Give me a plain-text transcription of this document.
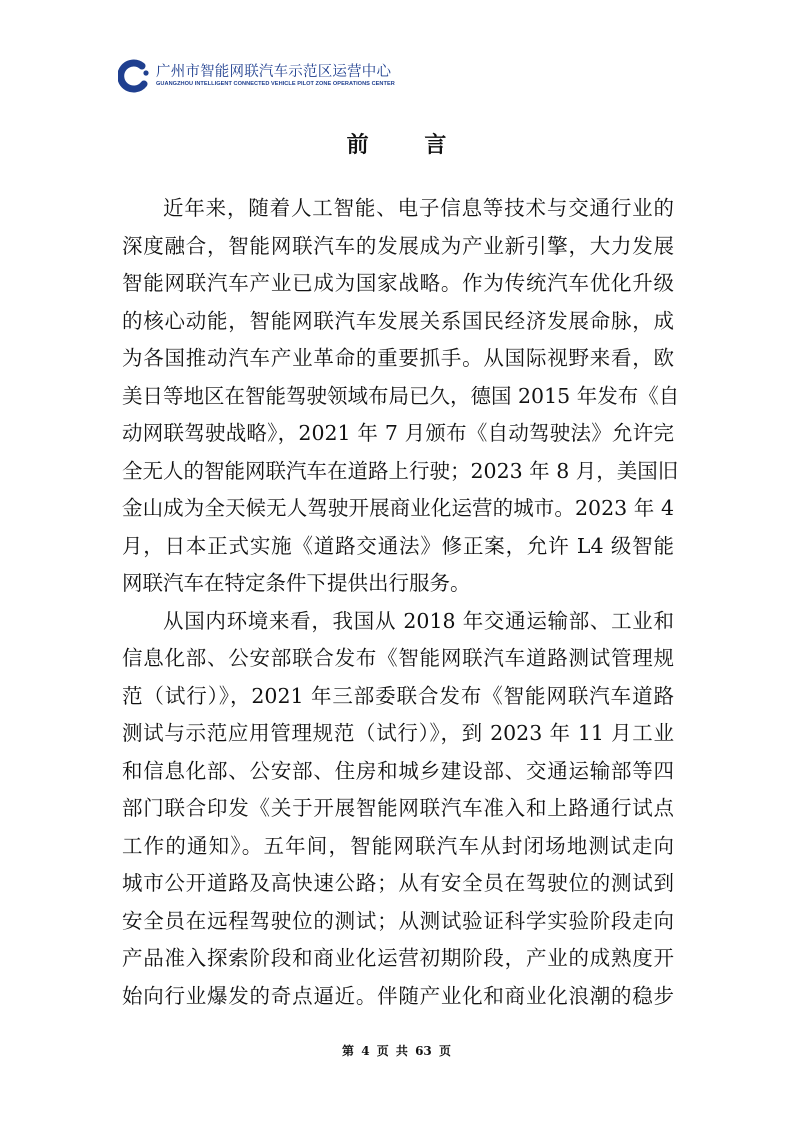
广州市智能网联汽车示范区运营中心
GUANGZHOU INTELLIGENT CONNECTED VEHICLE PILOT ZONE OPERATIONS CENTER
前 言
近年来，随着人工智能、电子信息等技术与交通行业的
深度融合，智能网联汽车的发展成为产业新引擎，大力发展
智能网联汽车产业已成为国家战略。作为传统汽车优化升级
的核心动能，智能网联汽车发展关系国民经济发展命脉，成
为各国推动汽车产业革命的重要抓手。从国际视野来看，欧
美日等地区在智能驾驶领域布局已久，德国 2015 年发布《自
动网联驾驶战略》，2021 年 7 月颁布《自动驾驶法》允许完
全无人的智能网联汽车在道路上行驶；2023 年 8 月，美国旧
金山成为全天候无人驾驶开展商业化运营的城市。2023 年 4
月，日本正式实施《道路交通法》修正案，允许 L4 级智能
网联汽车在特定条件下提供出行服务。
从国内环境来看，我国从 2018 年交通运输部、工业和
信息化部、公安部联合发布《智能网联汽车道路测试管理规
范（试行）》，2021 年三部委联合发布《智能网联汽车道路
测试与示范应用管理规范（试行）》，到 2023 年 11 月工业
和信息化部、公安部、住房和城乡建设部、交通运输部等四
部门联合印发《关于开展智能网联汽车准入和上路通行试点
工作的通知》。五年间，智能网联汽车从封闭场地测试走向
城市公开道路及高快速公路；从有安全员在驾驶位的测试到
安全员在远程驾驶位的测试；从测试验证科学实验阶段走向
产品准入探索阶段和商业化运营初期阶段，产业的成熟度开
始向行业爆发的奇点逼近。伴随产业化和商业化浪潮的稳步
第 4 页 共 63 页
